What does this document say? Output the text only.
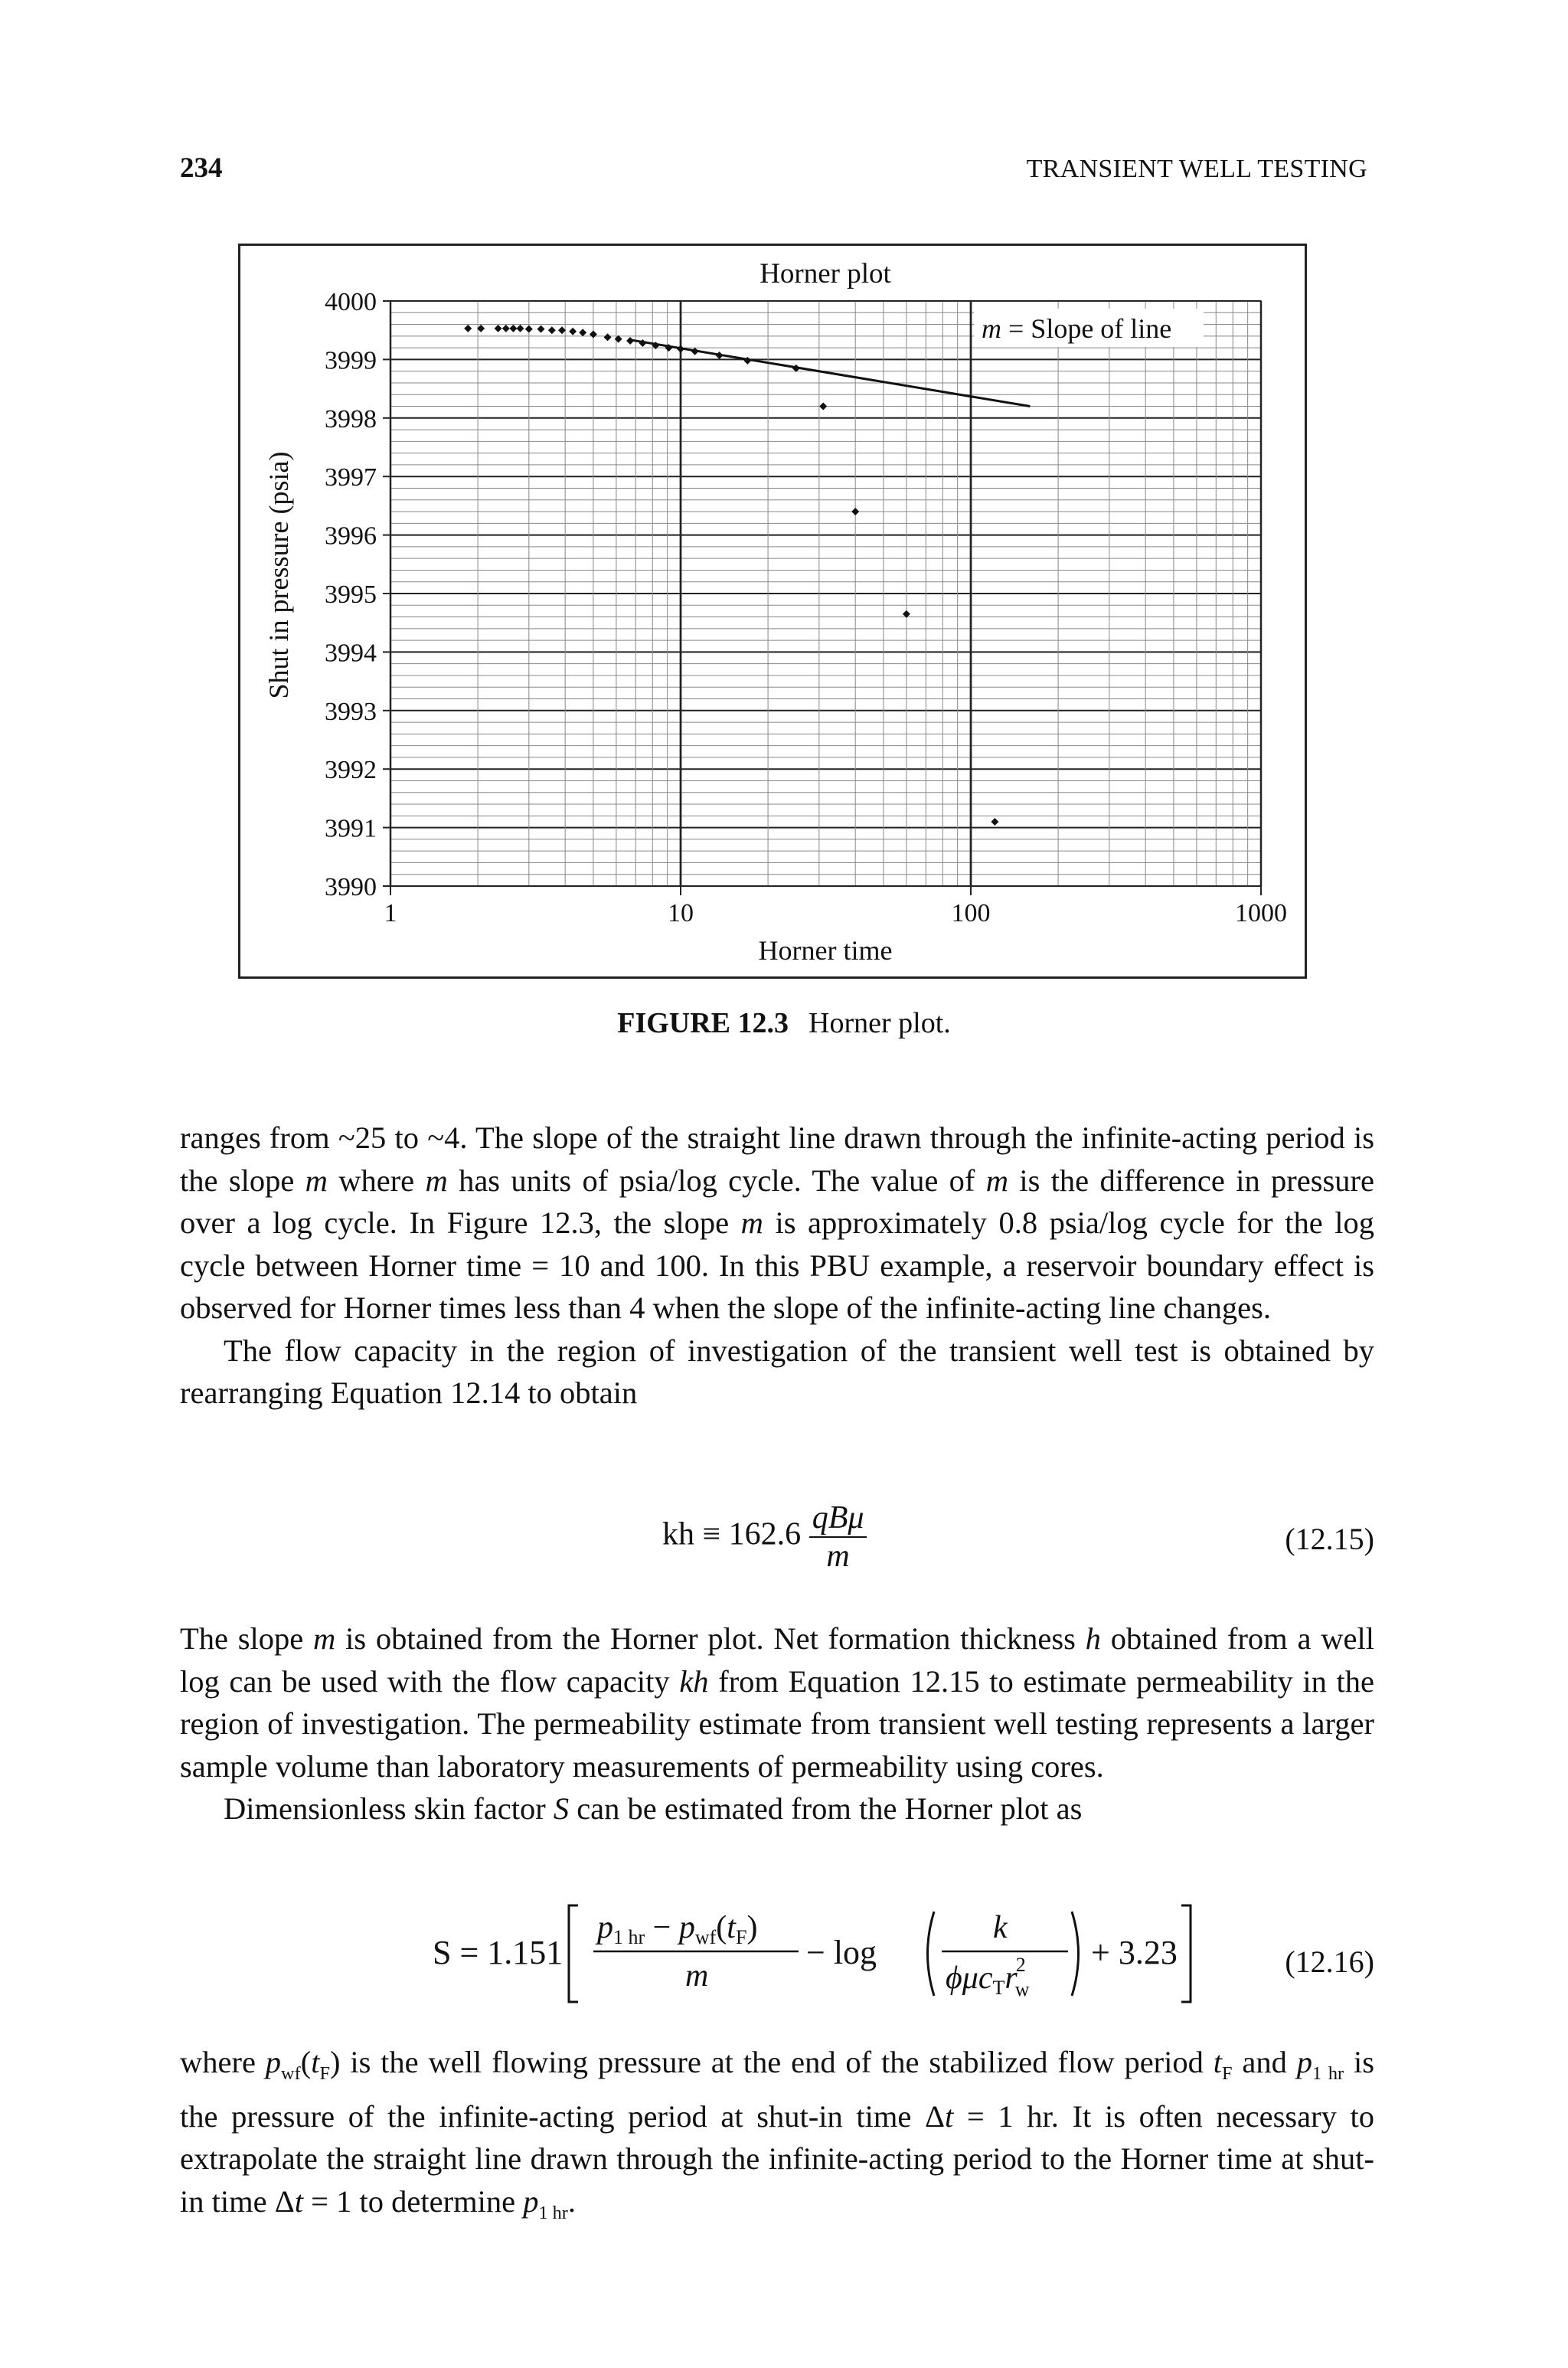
234	TRANSIENT WELL TESTING
4000
3999
3998
3997
3996
3995
3994
3993
3992
3991
3990
1	10	100	1000
Horner plot
Horner time
Shut in pressure (psia)
m = Slope of line
FIGURE 12.3 Horner plot.

ranges from ~25 to ~4. The slope of the straight line drawn through the infinite-acting period is the slope m where m has units of psia/log cycle. The value of m is the difference in pressure over a log cycle. In Figure 12.3, the slope m is approximately 0.8 psia/log cycle for the log cycle between Horner time = 10 and 100. In this PBU example, a reservoir boundary effect is observed for Horner times less than 4 when the slope of the infinite-acting line changes.

The flow capacity in the region of investigation of the transient well test is obtained by rearranging Equation 12.14 to obtain

kh ≡ $162.6 \frac{\text{qBμ}}{m}$	(12.15)

The slope m is obtained from the Horner plot. Net formation thickness h obtained from a well log can be used with the flow capacity kh from Equation 12.15 to estimate permeability in the region of investigation. The permeability estimate from transient well testing represents a larger sample volume than laboratory measurements of permeability using cores.

Dimensionless skin factor S can be estimated from the Horner plot as

S = 1.151
p1 hr − pwf(tF)
m
− log
k
ϕμcTr2 w
+ 3.23	(12.16)

where $p_{wf}(t_F)$ is the well flowing pressure at the end of the stabilized flow period $t_F$ and $p_{1 hr}$ is the pressure of the infinite-acting period at shut-in time Δt = 1 hr. It is often necessary to extrapolate the straight line drawn through the infinite-acting period to the Horner time at shut-in time Δt = 1 to determine $p_{1 hr}$.
